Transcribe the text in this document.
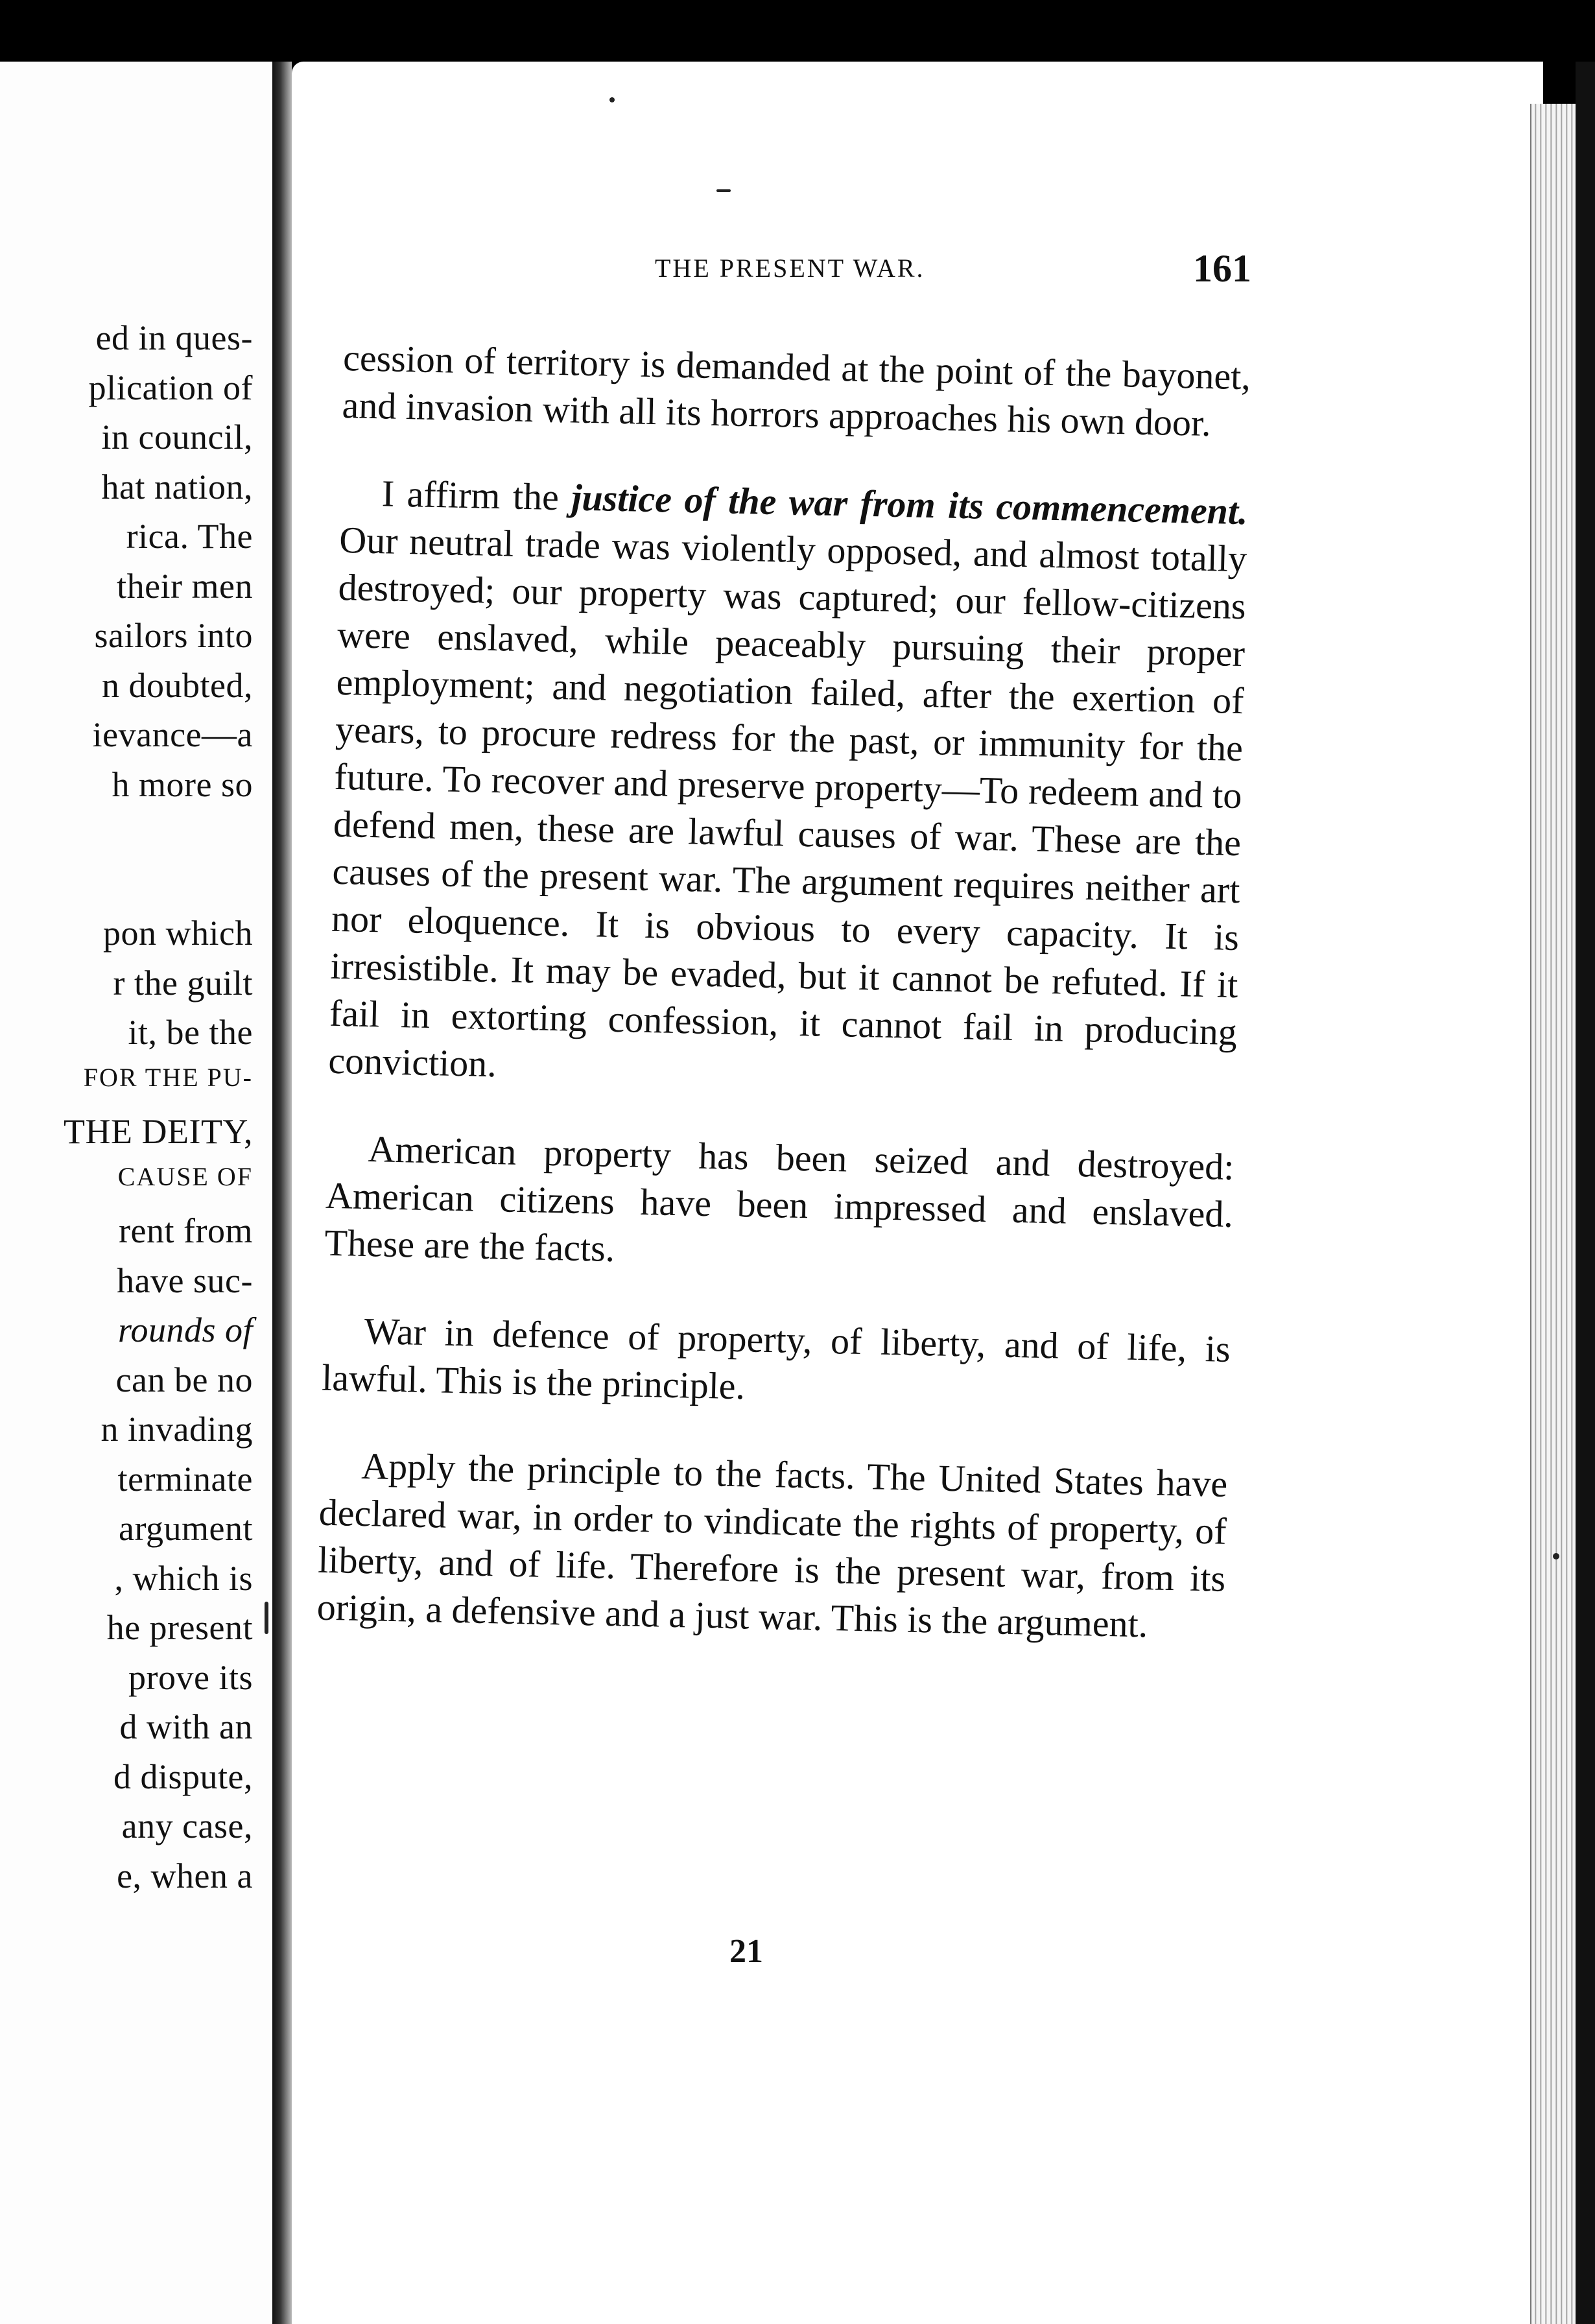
ed in ques-
plication of
in council,
hat nation,
rica. The
their men
sailors into
n doubted,
ievance—a
h more so
pon which
r the guilt
it, be the
FOR THE PU-
THE DEITY,
CAUSE OF
rent from
have suc-
rounds of
can be no
n invading
terminate
argument
, which is
he present
prove its
d with an
d dispute,
any case,
e, when a
THE PRESENT WAR.	161

cession of territory is demanded at the point of the bayonet, and invasion with all its horrors approaches his own door.

I affirm the justice of the war from its commencement. Our neutral trade was violently opposed, and almost totally destroyed; our property was captured; our fellow-citizens were enslaved, while peaceably pursuing their proper employment; and negotiation failed, after the exertion of years, to procure redress for the past, or immunity for the future. To recover and preserve property—To redeem and to defend men, these are lawful causes of war. These are the causes of the present war. The argument requires neither art nor eloquence. It is obvious to every capacity. It is irresistible. It may be evaded, but it cannot be refuted. If it fail in extorting confession, it cannot fail in producing conviction.

American property has been seized and destroyed: American citizens have been impressed and enslaved. These are the facts.

War in defence of property, of liberty, and of life, is lawful. This is the principle.

Apply the principle to the facts. The United States have declared war, in order to vindicate the rights of property, of liberty, and of life. Therefore is the present war, from its origin, a defensive and a just war. This is the argument.

21
